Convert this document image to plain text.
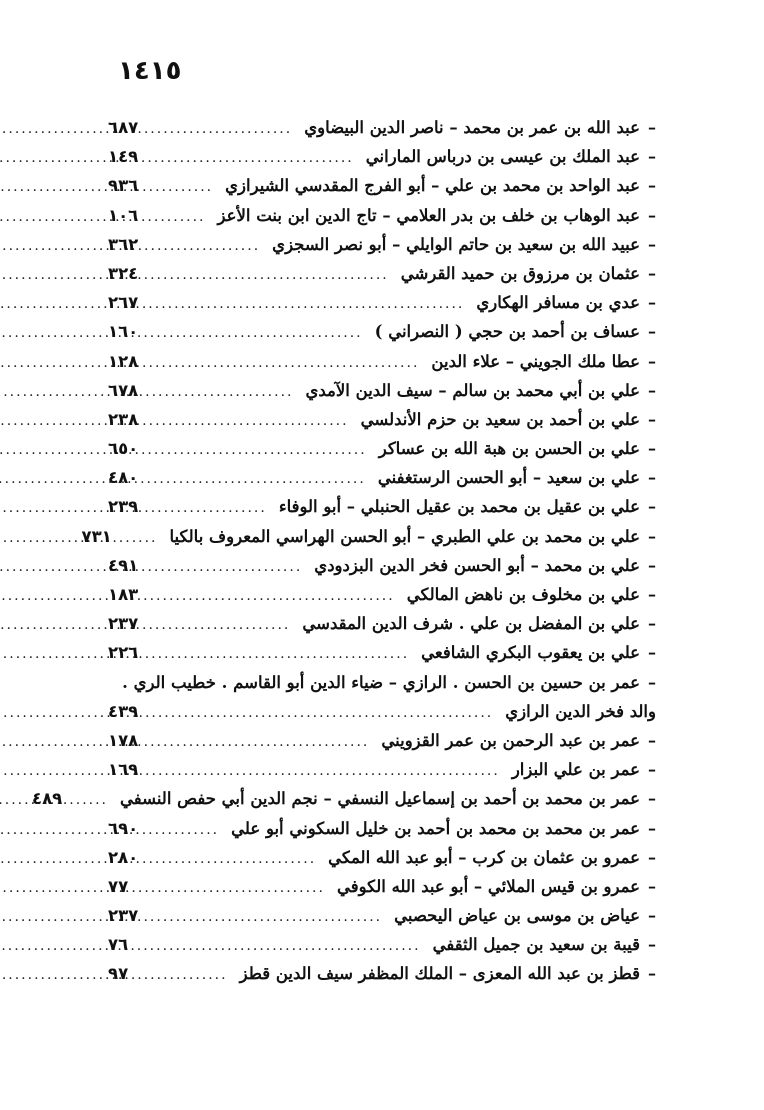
١٤١٥
–
عبد الله بن عمر بن محمد – ناصر الدين البيضاوي
.....
٦٨٧
–
عبد الملك بن عيسى بن درباس الماراني
.....
١٤٩
–
عبد الواحد بن محمد بن علي – أبو الفرج المقدسي الشيرازي
.....
٩٣٦
–
عبد الوهاب بن خلف بن بدر العلامي – تاج الدين ابن بنت الأعز
.....
١٠٦
–
عبيد الله بن سعيد بن حاتم الوايلي – أبو نصر السجزي
.....
٣٦٢
–
عثمان بن مرزوق بن حميد القرشي
.....
٣٢٤
–
عدي بن مسافر الهكاري
.....
٢٦٧
–
عساف بن أحمد بن حجي ( النصراني )
.....
١٦٠
–
عطا ملك الجويني – علاء الدين
.....
١٢٨
–
علي بن أبي محمد بن سالم – سيف الدين الآمدي
.....
٦٧٨
–
علي بن أحمد بن سعيد بن حزم الأندلسي
.....
٢٣٨
–
علي بن الحسن بن هبة الله بن عساكر
.....
٦٥٠
–
علي بن سعيد – أبو الحسن الرستغفني
.....
٤٨٠
–
علي بن عقيل بن محمد بن عقيل الحنبلي – أبو الوفاء
.....
٢٣٩
–
علي بن محمد بن علي الطبري – أبو الحسن الهراسي المعروف بالكيا
.....
٧٣١
–
علي بن محمد – أبو الحسن فخر الدين البزدودي
.....
٤٩١
–
علي بن مخلوف بن ناهض المالكي
.....
١٨٣
–
علي بن المفضل بن علي . شرف الدين المقدسي
.....
٢٣٧
–
علي بن يعقوب البكري الشافعي
.....
٢٢٦
–
عمر بن حسين بن الحسن . الرازي – ضياء الدين أبو القاسم . خطيب الري .
والد فخر الدين الرازي
.....
٤٣٩
–
عمر بن عبد الرحمن بن عمر القزويني
.....
١٧٨
–
عمر بن علي البزار
.....
١٦٩
–
عمر بن محمد بن أحمد بن إسماعيل النسفي – نجم الدين أبي حفص النسفي
.....
٤٨٩
–
عمر بن محمد بن محمد بن أحمد بن خليل السكوني أبو علي
.....
٦٩٠
–
عمرو بن عثمان بن كرب – أبو عبد الله المكي
.....
٢٨٠
–
عمرو بن قيس الملائي – أبو عبد الله الكوفي
.....
٧٧
–
عياض بن موسى بن عياض اليحصبي
.....
٢٣٧
–
قيبة بن سعيد بن جميل الثقفي
.....
٧٦
–
قطز بن عبد الله المعزى – الملك المظفر سيف الدين قطز
.....
٩٧
